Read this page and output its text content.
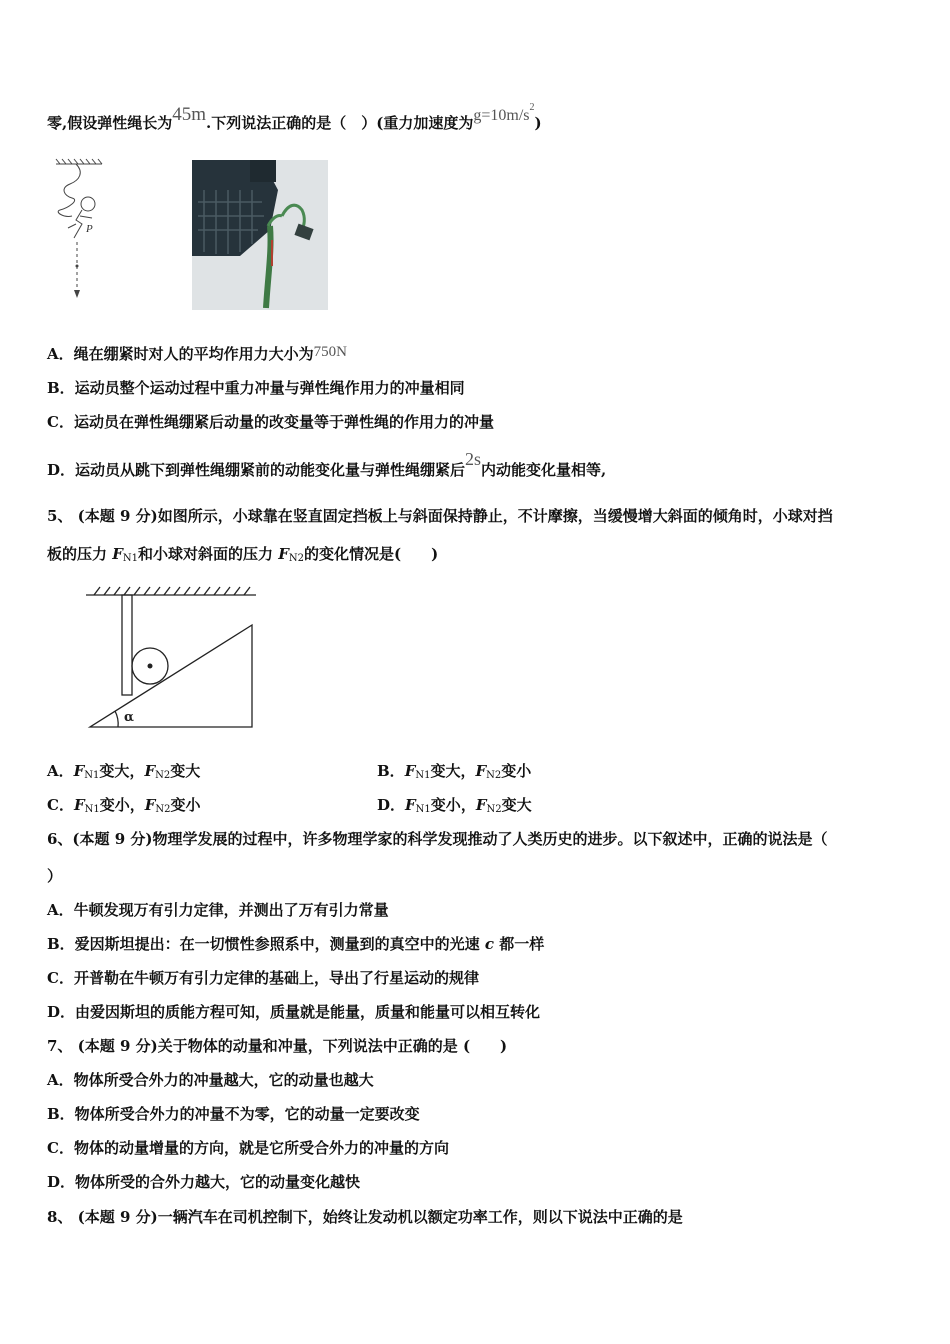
零,假设弹性绳长为45m.下列说法正确的是（　）(重力加速度为$g=10m/s^2$)
P
A．绳在绷紧时对人的平均作用力大小为750N
B．运动员整个运动过程中重力冲量与弹性绳作用力的冲量相同
C．运动员在弹性绳绷紧后动量的改变量等于弹性绳的作用力的冲量
D．运动员从跳下到弹性绳绷紧前的动能变化量与弹性绳绷紧后2s内动能变化量相等,
5、 (本题 9 分)如图所示，小球靠在竖直固定挡板上与斜面保持静止，不计摩擦，当缓慢增大斜面的倾角时，小球对挡
板的压力 $F_{N1}$和小球对斜面的压力 $F_{N2}$的变化情况是(　　)
α
A．$F_{N1}$变大，$F_{N2}$变大	B．$F_{N1}$变大，$F_{N2}$变小
C．$F_{N1}$变小，$F_{N2}$变小	D．$F_{N1}$变小，$F_{N2}$变大
6、(本题 9 分)物理学发展的过程中，许多物理学家的科学发现推动了人类历史的进步。以下叙述中，正确的说法是（
）
A．牛顿发现万有引力定律，并测出了万有引力常量
B．爱因斯坦提出：在一切惯性参照系中，测量到的真空中的光速 c 都一样
C．开普勒在牛顿万有引力定律的基础上，导出了行星运动的规律
D．由爱因斯坦的质能方程可知，质量就是能量，质量和能量可以相互转化
7、 (本题 9 分)关于物体的动量和冲量，下列说法中正确的是 (　　)
A．物体所受合外力的冲量越大，它的动量也越大
B．物体所受合外力的冲量不为零，它的动量一定要改变
C．物体的动量增量的方向，就是它所受合外力的冲量的方向
D．物体所受的合外力越大，它的动量变化越快
8、 (本题 9 分)一辆汽车在司机控制下，始终让发动机以额定功率工作，则以下说法中正确的是
